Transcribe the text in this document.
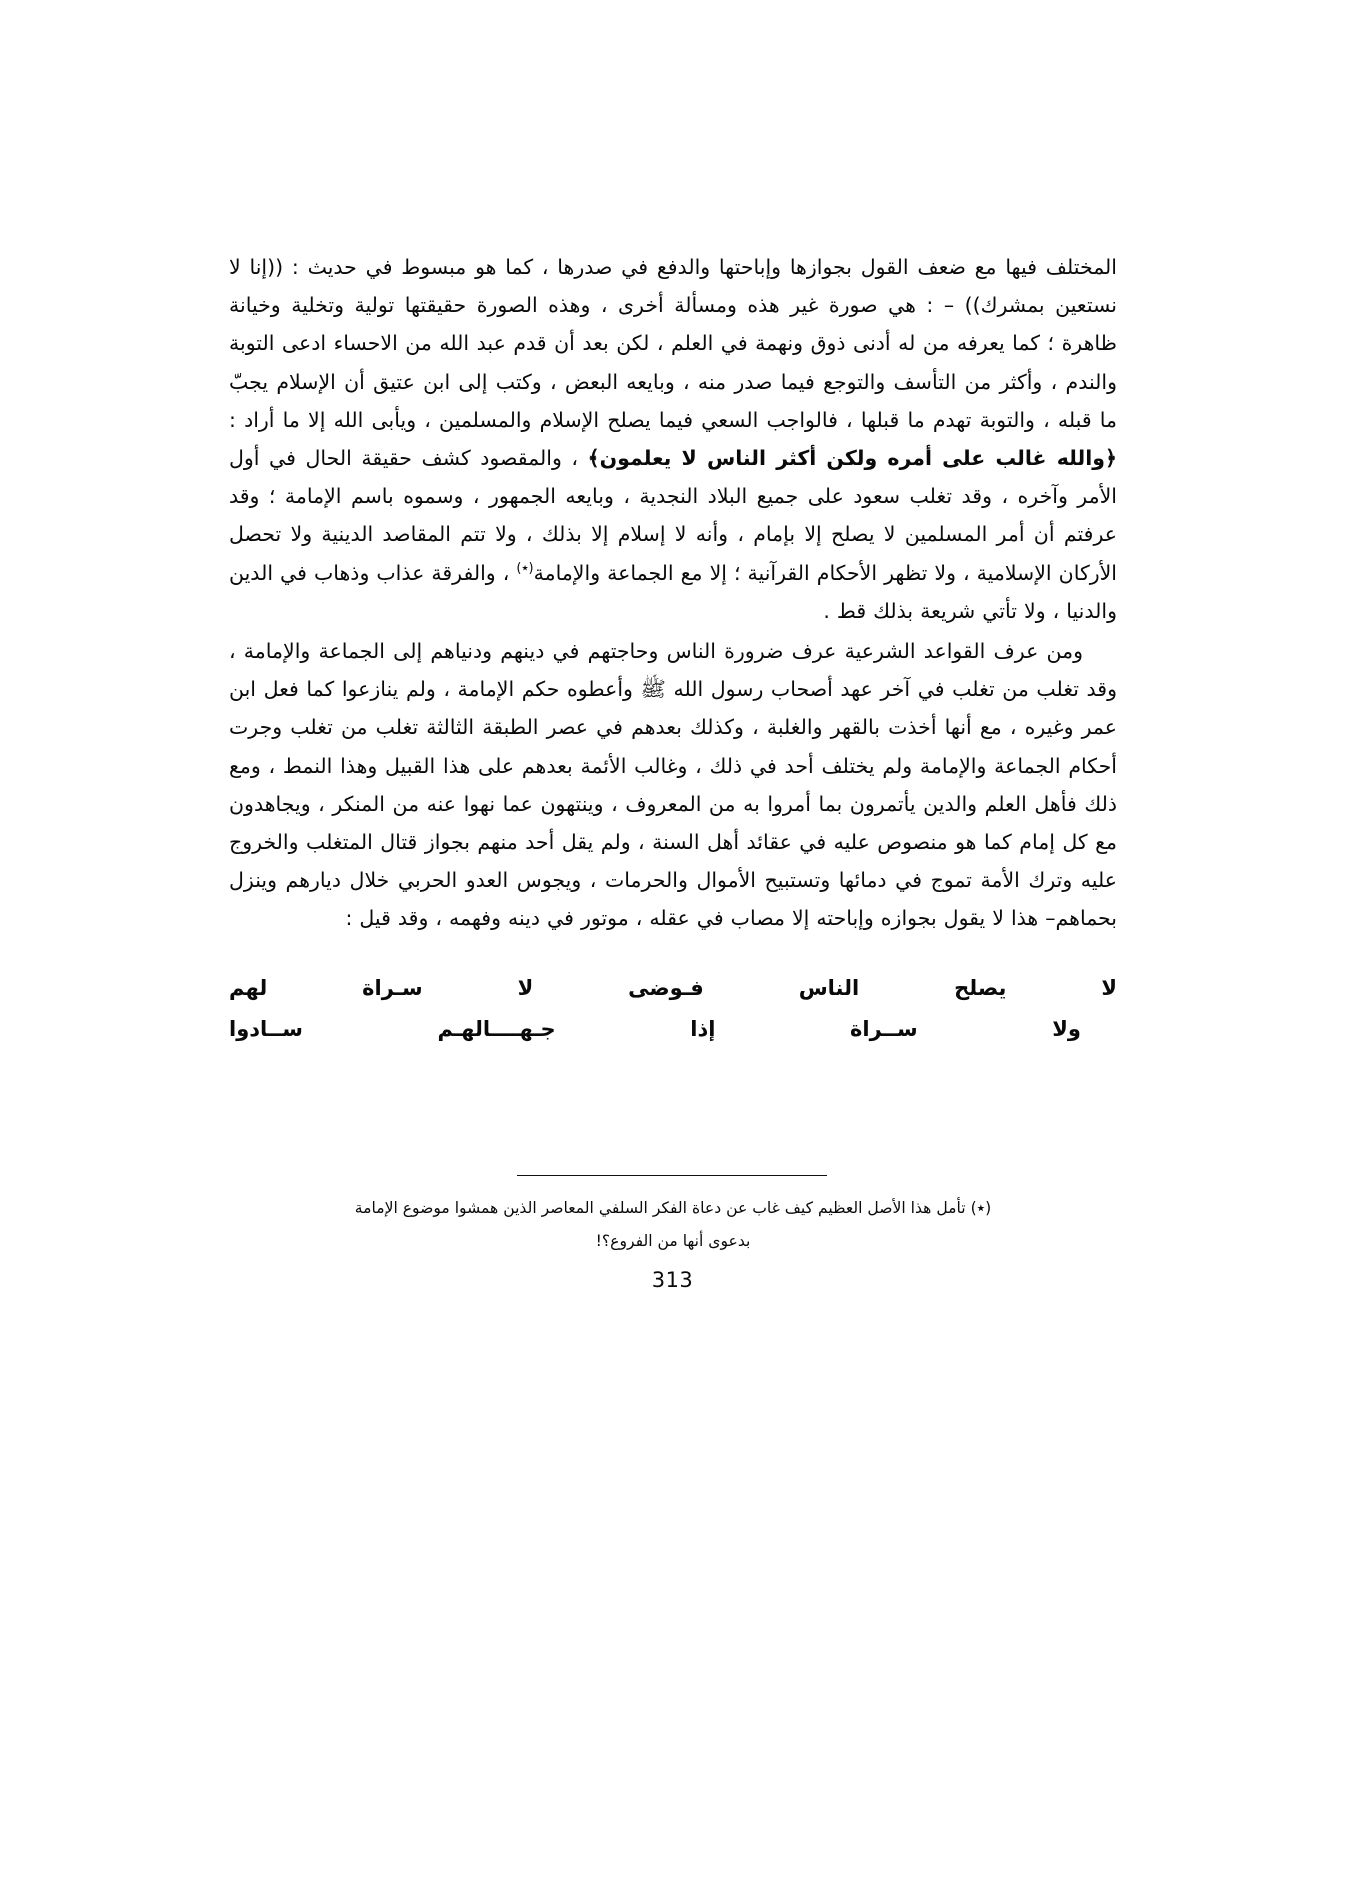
المختلف فيها مع ضعف القول بجوازها وإباحتها والدفع في صدرها ، كما هو مبسوط في حديث : ((إنا لا نستعين بمشرك)) – : هي صورة غير هذه ومسألة أخرى ، وهذه الصورة حقيقتها تولية وتخلية وخيانة ظاهرة ؛ كما يعرفه من له أدنى ذوق ونهمة في العلم ، لكن بعد أن قدم عبد الله من الاحساء ادعى التوبة والندم ، وأكثر من التأسف والتوجع فيما صدر منه ، وبايعه البعض ، وكتب إلى ابن عتيق أن الإسلام يجبّ ما قبله ، والتوبة تهدم ما قبلها ، فالواجب السعي فيما يصلح الإسلام والمسلمين ، ويأبى الله إلا ما أراد : ﴿والله غالب على أمره ولكن أكثر الناس لا يعلمون﴾ ، والمقصود كشف حقيقة الحال في أول الأمر وآخره ، وقد تغلب سعود على جميع البلاد النجدية ، وبايعه الجمهور ، وسموه باسم الإمامة ؛ وقد عرفتم أن أمر المسلمين لا يصلح إلا بإمام ، وأنه لا إسلام إلا بذلك ، ولا تتم المقاصد الدينية ولا تحصل الأركان الإسلامية ، ولا تظهر الأحكام القرآنية ؛ إلا مع الجماعة والإمامة(٭) ، والفرقة عذاب وذهاب في الدين والدنيا ، ولا تأتي شريعة بذلك قط .

ومن عرف القواعد الشرعية عرف ضرورة الناس وحاجتهم في دينهم ودنياهم إلى الجماعة والإمامة ، وقد تغلب من تغلب في آخر عهد أصحاب رسول الله ﷺ وأعطوه حكم الإمامة ، ولم ينازعوا كما فعل ابن عمر وغيره ، مع أنها أخذت بالقهر والغلبة ، وكذلك بعدهم في عصر الطبقة الثالثة تغلب من تغلب وجرت أحكام الجماعة والإمامة ولم يختلف أحد في ذلك ، وغالب الأئمة بعدهم على هذا القبيل وهذا النمط ، ومع ذلك فأهل العلم والدين يأتمرون بما أمروا به من المعروف ، وينتهون عما نهوا عنه من المنكر ، ويجاهدون مع كل إمام كما هو منصوص عليه في عقائد أهل السنة ، ولم يقل أحد منهم بجواز قتال المتغلب والخروج عليه وترك الأمة تموج في دمائها وتستبيح الأموال والحرمات ، ويجوس العدو الحربي خلال ديارهم وينزل بحماهم– هذا لا يقول بجوازه وإباحته إلا مصاب في عقله ، موتور في دينه وفهمه ، وقد قيل :

لا يصلح الناس فـوضى لا سـراة لهم
ولا ســراة إذا جـهــــالهـم ســادوا
(٭) تأمل هذا الأصل العظيم كيف غاب عن دعاة الفكر السلفي المعاصر الذين همشوا موضوع الإمامة
بدعوى أنها من الفروع؟!
313
